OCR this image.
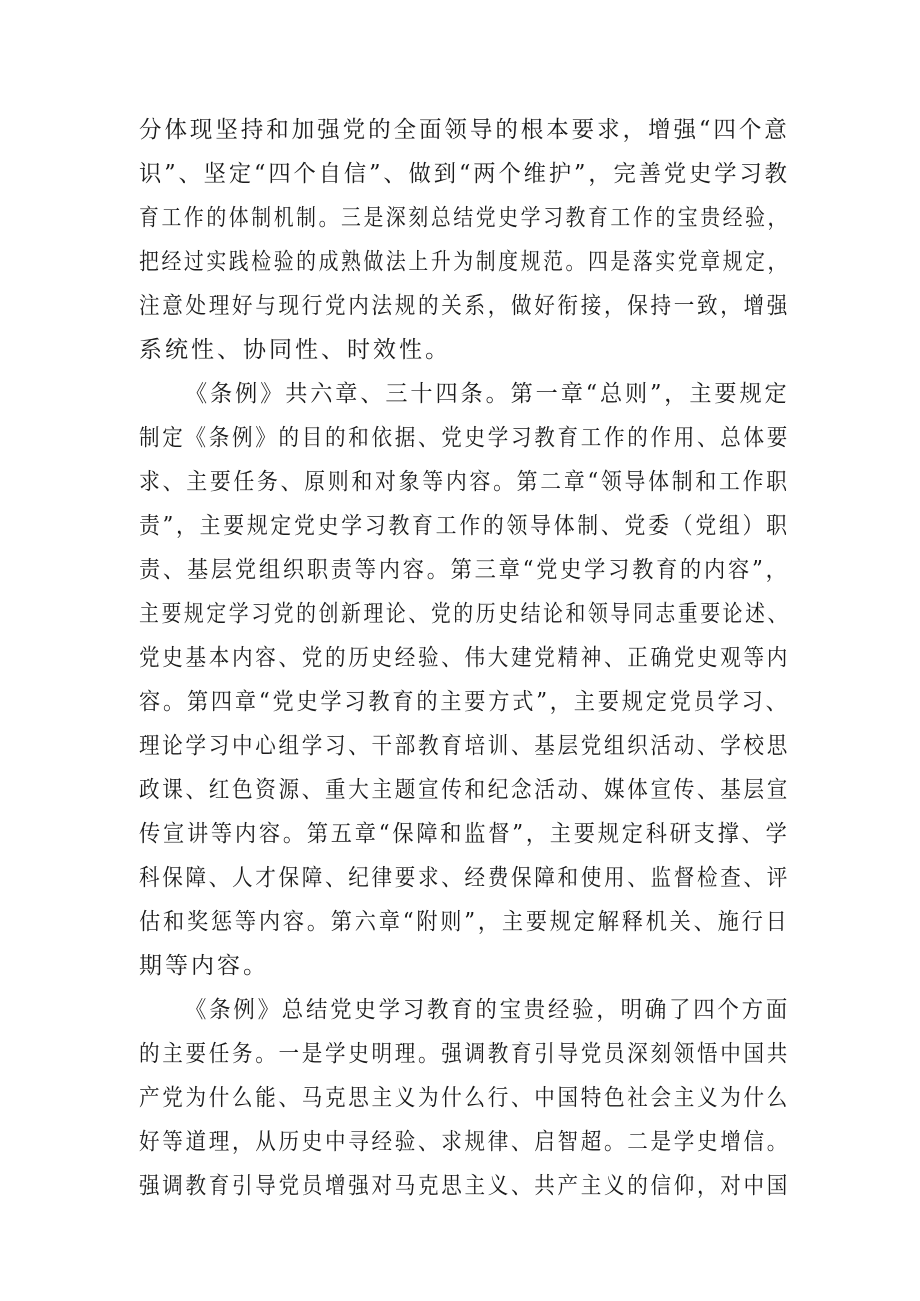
分体现坚持和加强党的全面领导的根本要求，增强“四个意
识”、坚定“四个自信”、做到“两个维护”，完善党史学习教
育工作的体制机制。三是深刻总结党史学习教育工作的宝贵经验，
把经过实践检验的成熟做法上升为制度规范。四是落实党章规定，
注意处理好与现行党内法规的关系，做好衔接，保持一致，增强
系统性、协同性、时效性。
《条例》共六章、三十四条。第一章“总则”，主要规定
制定《条例》的目的和依据、党史学习教育工作的作用、总体要
求、主要任务、原则和对象等内容。第二章“领导体制和工作职
责”，主要规定党史学习教育工作的领导体制、党委（党组）职
责、基层党组织职责等内容。第三章“党史学习教育的内容”，
主要规定学习党的创新理论、党的历史结论和领导同志重要论述、
党史基本内容、党的历史经验、伟大建党精神、正确党史观等内
容。第四章“党史学习教育的主要方式”，主要规定党员学习、
理论学习中心组学习、干部教育培训、基层党组织活动、学校思
政课、红色资源、重大主题宣传和纪念活动、媒体宣传、基层宣
传宣讲等内容。第五章“保障和监督”，主要规定科研支撑、学
科保障、人才保障、纪律要求、经费保障和使用、监督检查、评
估和奖惩等内容。第六章“附则”，主要规定解释机关、施行日
期等内容。
《条例》总结党史学习教育的宝贵经验，明确了四个方面
的主要任务。一是学史明理。强调教育引导党员深刻领悟中国共
产党为什么能、马克思主义为什么行、中国特色社会主义为什么
好等道理，从历史中寻经验、求规律、启智超。二是学史增信。
强调教育引导党员增强对马克思主义、共产主义的信仰，对中国
